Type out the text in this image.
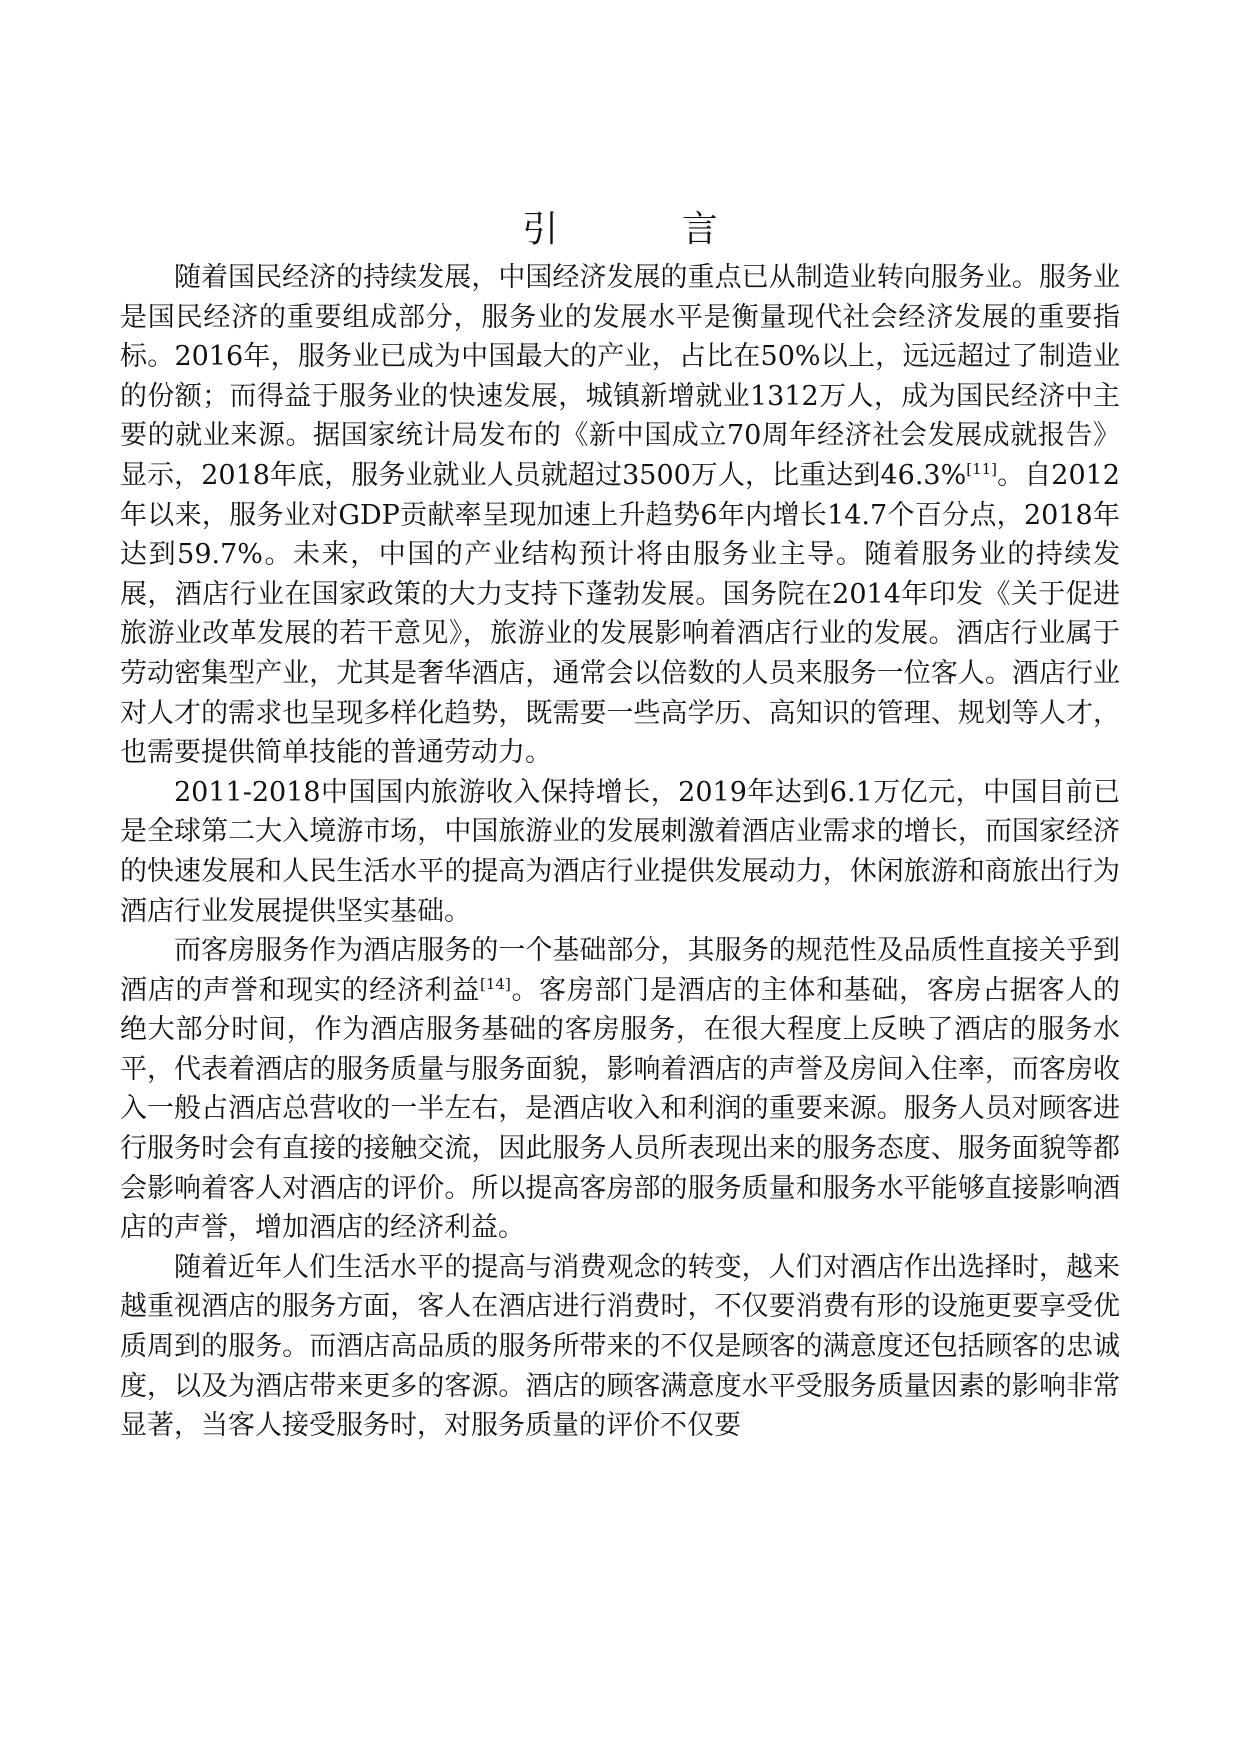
引 言

随着国民经济的持续发展，中国经济发展的重点已从制造业转向服务业。服务业是国民经济的重要组成部分，服务业的发展水平是衡量现代社会经济发展的重要指标。2016年，服务业已成为中国最大的产业，占比在50%以上，远远超过了制造业的份额；而得益于服务业的快速发展，城镇新增就业1312万人，成为国民经济中主要的就业来源。据国家统计局发布的《新中国成立70周年经济社会发展成就报告》显示，2018年底，服务业就业人员就超过3500万人，比重达到46.3%[11]。自2012年以来，服务业对GDP贡献率呈现加速上升趋势6年内增长14.7个百分点，2018年达到59.7%。未来，中国的产业结构预计将由服务业主导。随着服务业的持续发展，酒店行业在国家政策的大力支持下蓬勃发展。国务院在2014年印发《关于促进旅游业改革发展的若干意见》，旅游业的发展影响着酒店行业的发展。酒店行业属于劳动密集型产业，尤其是奢华酒店，通常会以倍数的人员来服务一位客人。酒店行业对人才的需求也呈现多样化趋势，既需要一些高学历、高知识的管理、规划等人才，也需要提供简单技能的普通劳动力。

2011-2018中国国内旅游收入保持增长，2019年达到6.1万亿元，中国目前已是全球第二大入境游市场，中国旅游业的发展刺激着酒店业需求的增长，而国家经济的快速发展和人民生活水平的提高为酒店行业提供发展动力，休闲旅游和商旅出行为酒店行业发展提供坚实基础。

而客房服务作为酒店服务的一个基础部分，其服务的规范性及品质性直接关乎到酒店的声誉和现实的经济利益[14]。客房部门是酒店的主体和基础，客房占据客人的绝大部分时间，作为酒店服务基础的客房服务，在很大程度上反映了酒店的服务水平，代表着酒店的服务质量与服务面貌，影响着酒店的声誉及房间入住率，而客房收入一般占酒店总营收的一半左右，是酒店收入和利润的重要来源。服务人员对顾客进行服务时会有直接的接触交流，因此服务人员所表现出来的服务态度、服务面貌等都会影响着客人对酒店的评价。所以提高客房部的服务质量和服务水平能够直接影响酒店的声誉，增加酒店的经济利益。

随着近年人们生活水平的提高与消费观念的转变，人们对酒店作出选择时，越来越重视酒店的服务方面，客人在酒店进行消费时，不仅要消费有形的设施更要享受优质周到的服务。而酒店高品质的服务所带来的不仅是顾客的满意度还包括顾客的忠诚度，以及为酒店带来更多的客源。酒店的顾客满意度水平受服务质量因素的影响非常显著，当客人接受服务时，对服务质量的评价不仅要
